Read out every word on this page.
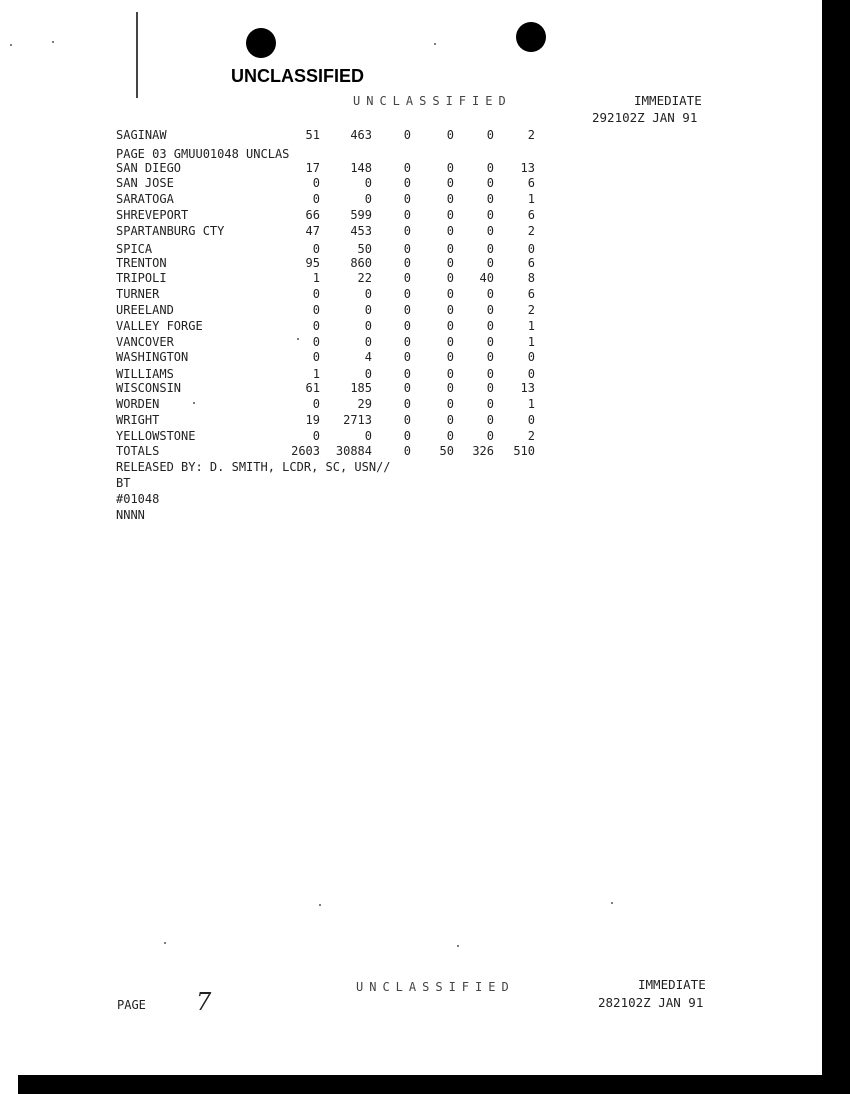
UNCLASSIFIED
UNCLASSIFIED	IMMEDIATE
292102Z JAN 91
SAGINAW	51	463	0	0	0	2
PAGE 03 GMUU01048 UNCLAS
SAN DIEGO	17	148	0	0	0	13
SAN JOSE	0	0	0	0	0	6
SARATOGA	0	0	0	0	0	1
SHREVEPORT	66	599	0	0	0	6
SPARTANBURG CTY	47	453	0	0	0	2
SPICA	0	50	0	0	0	0
TRENTON	95	860	0	0	0	6
TRIPOLI	1	22	0	0	40	8
TURNER	0	0	0	0	0	6
UREELAND	0	0	0	0	0	2
VALLEY FORGE	0	0	0	0	0	1
VANCOVER	0	0	0	0	0	1
WASHINGTON	0	4	0	0	0	0
WILLIAMS	1	0	0	0	0	0
WISCONSIN	61	185	0	0	0	13
WORDEN	0	29	0	0	0	1
WRIGHT	19	2713	0	0	0	0
YELLOWSTONE	0	0	0	0	0	2
TOTALS	2603	30884	0	50	326	510
RELEASED BY: D. SMITH, LCDR, SC, USN//
BT
#01048
NNNN
UNCLASSIFIED	IMMEDIATE
282102Z JAN 91
PAGE 7
